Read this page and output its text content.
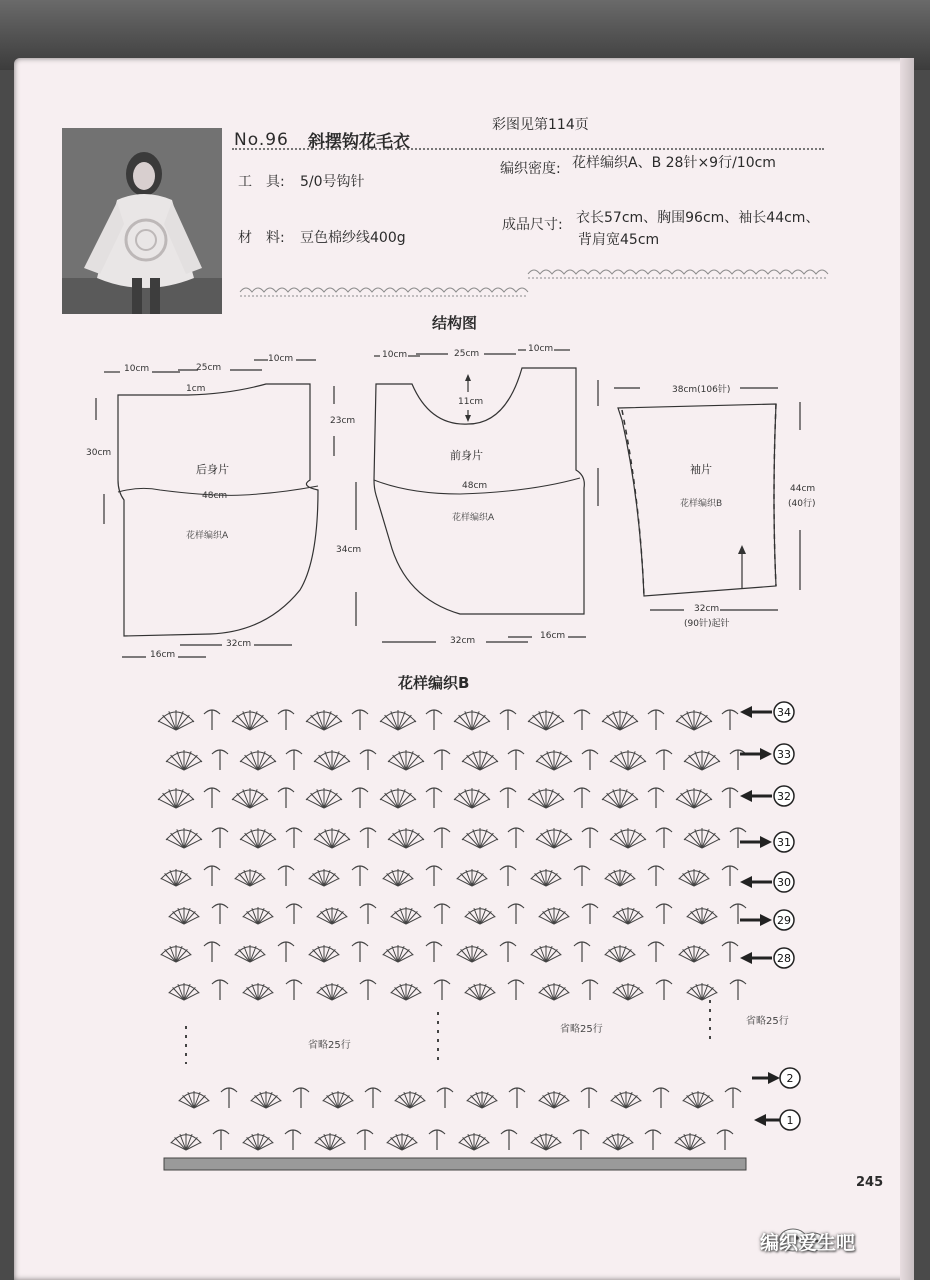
No.96 斜摆钩花毛衣
彩图见第114页
工　具: 5/0号钩针
材　料: 豆色棉纱线400g
编织密度: 花样编织A、B 28针×9行/10cm
成品尺寸: 衣长57cm、胸围96cm、袖长44cm、
背肩宽45cm
结构图
10cm	25cm
10cm
1cm
30cm
23cm
后身片
48cm
花样编织A
16cm
32cm
10cm	25cm	10cm
11cm
前身片
48cm
花样编织A
34cm
32cm	16cm
38cm(106针)
袖片
花样编织B
44cm
(40行)
32cm
(90针)起针
花样编织B
34
33
32
31
30
29
28
2
1
省略25行
省略25行
省略25行
245
编织爱生吧
